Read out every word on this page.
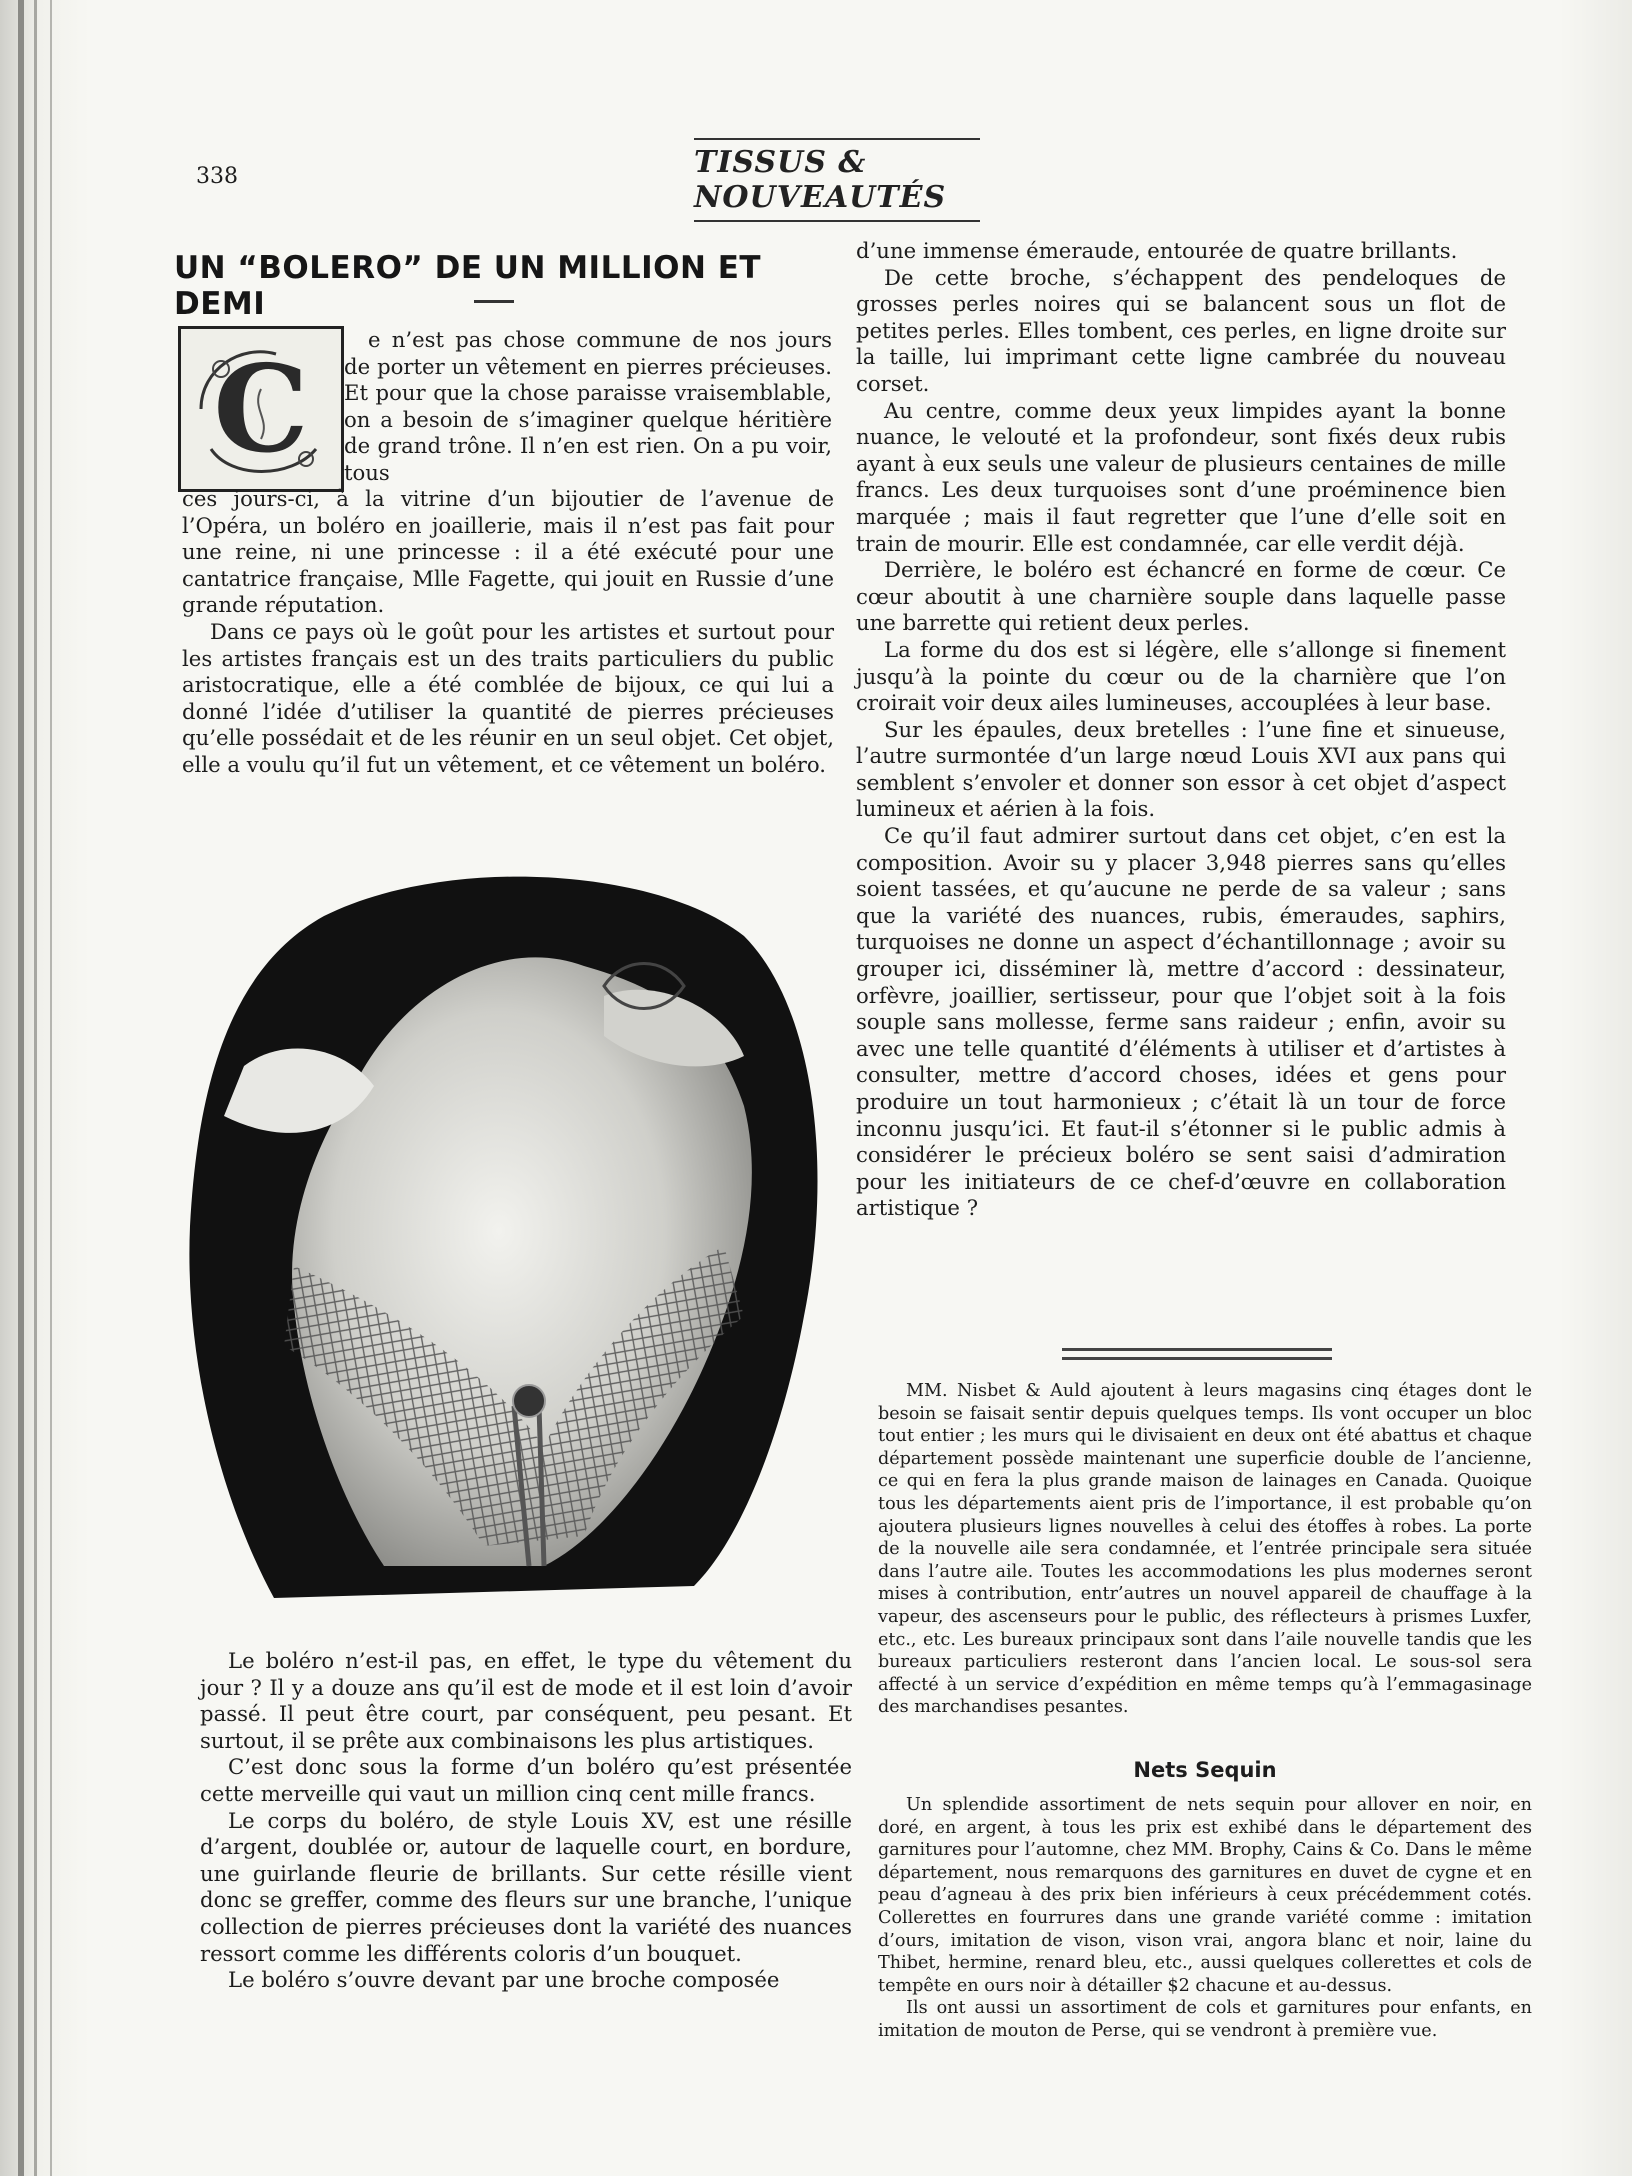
338	TISSUS & NOUVEAUTÉS
UN “BOLERO” DE UN MILLION ET DEMI
C	e n’est pas chose commune de nos jours de porter un vêtement en pierres précieuses. Et pour que la chose paraisse vraisemblable, on a besoin de s’imaginer quelque héritière de grand trône. Il n’en est rien. On a pu voir, tous

ces jours-ci, à la vitrine d’un bijoutier de l’avenue de l’Opéra, un boléro en joaillerie, mais il n’est pas fait pour une reine, ni une princesse : il a été exécuté pour une cantatrice française, Mlle Fagette, qui jouit en Russie d’une grande réputation.

Dans ce pays où le goût pour les artistes et surtout pour les artistes français est un des traits particuliers du public aristocratique, elle a été comblée de bijoux, ce qui lui a donné l’idée d’utiliser la quantité de pierres précieuses qu’elle possédait et de les réunir en un seul objet. Cet objet, elle a voulu qu’il fut un vêtement, et ce vêtement un boléro.

Le boléro n’est-il pas, en effet, le type du vêtement du jour ? Il y a douze ans qu’il est de mode et il est loin d’avoir passé. Il peut être court, par conséquent, peu pesant. Et surtout, il se prête aux combinaisons les plus artistiques.

C’est donc sous la forme d’un boléro qu’est présentée cette merveille qui vaut un million cinq cent mille francs.

Le corps du boléro, de style Louis XV, est une résille d’argent, doublée or, autour de laquelle court, en bordure, une guirlande fleurie de brillants. Sur cette résille vient donc se greffer, comme des fleurs sur une branche, l’unique collection de pierres précieuses dont la variété des nuances ressort comme les différents coloris d’un bouquet.

Le boléro s’ouvre devant par une broche composée

d’une immense émeraude, entourée de quatre brillants.

De cette broche, s’échappent des pendeloques de grosses perles noires qui se balancent sous un flot de petites perles. Elles tombent, ces perles, en ligne droite sur la taille, lui imprimant cette ligne cambrée du nouveau corset.

Au centre, comme deux yeux limpides ayant la bonne nuance, le velouté et la profondeur, sont fixés deux rubis ayant à eux seuls une valeur de plusieurs centaines de mille francs. Les deux turquoises sont d’une proéminence bien marquée ; mais il faut regretter que l’une d’elle soit en train de mourir. Elle est condamnée, car elle verdit déjà.

Derrière, le boléro est échancré en forme de cœur. Ce cœur aboutit à une charnière souple dans laquelle passe une barrette qui retient deux perles.

La forme du dos est si légère, elle s’allonge si finement jusqu’à la pointe du cœur ou de la charnière que l’on croirait voir deux ailes lumineuses, accouplées à leur base.

Sur les épaules, deux bretelles : l’une fine et sinueuse, l’autre surmontée d’un large nœud Louis XVI aux pans qui semblent s’envoler et donner son essor à cet objet d’aspect lumineux et aérien à la fois.

Ce qu’il faut admirer surtout dans cet objet, c’en est la composition. Avoir su y placer 3,948 pierres sans qu’elles soient tassées, et qu’aucune ne perde de sa valeur ; sans que la variété des nuances, rubis, émeraudes, saphirs, turquoises ne donne un aspect d’échantillonnage ; avoir su grouper ici, disséminer là, mettre d’accord : dessinateur, orfèvre, joaillier, sertisseur, pour que l’objet soit à la fois souple sans mollesse, ferme sans raideur ; enfin, avoir su avec une telle quantité d’éléments à utiliser et d’artistes à consulter, mettre d’accord choses, idées et gens pour produire un tout harmonieux ; c’était là un tour de force inconnu jusqu’ici. Et faut-il s’étonner si le public admis à considérer le précieux boléro se sent saisi d’admiration pour les initiateurs de ce chef-d’œuvre en collaboration artistique ?

MM. Nisbet & Auld ajoutent à leurs magasins cinq étages dont le besoin se faisait sentir depuis quelques temps. Ils vont occuper un bloc tout entier ; les murs qui le divisaient en deux ont été abattus et chaque département possède maintenant une superficie double de l’ancienne, ce qui en fera la plus grande maison de lainages en Canada. Quoique tous les départements aient pris de l’importance, il est probable qu’on ajoutera plusieurs lignes nouvelles à celui des étoffes à robes. La porte de la nouvelle aile sera condamnée, et l’entrée principale sera située dans l’autre aile. Toutes les accommodations les plus modernes seront mises à contribution, entr’autres un nouvel appareil de chauffage à la vapeur, des ascenseurs pour le public, des réflecteurs à prismes Luxfer, etc., etc. Les bureaux principaux sont dans l’aile nouvelle tandis que les bureaux particuliers resteront dans l’ancien local. Le sous-sol sera affecté à un service d’expédition en même temps qu’à l’emmagasinage des marchandises pesantes.

Nets Sequin

Un splendide assortiment de nets sequin pour allover en noir, en doré, en argent, à tous les prix est exhibé dans le département des garnitures pour l’automne, chez MM. Brophy, Cains & Co. Dans le même département, nous remarquons des garnitures en duvet de cygne et en peau d’agneau à des prix bien inférieurs à ceux précédemment cotés. Collerettes en fourrures dans une grande variété comme : imitation d’ours, imitation de vison, vison vrai, angora blanc et noir, laine du Thibet, hermine, renard bleu, etc., aussi quelques collerettes et cols de tempête en ours noir à détailler $2 chacune et au-dessus.

Ils ont aussi un assortiment de cols et garnitures pour enfants, en imitation de mouton de Perse, qui se vendront à première vue.
